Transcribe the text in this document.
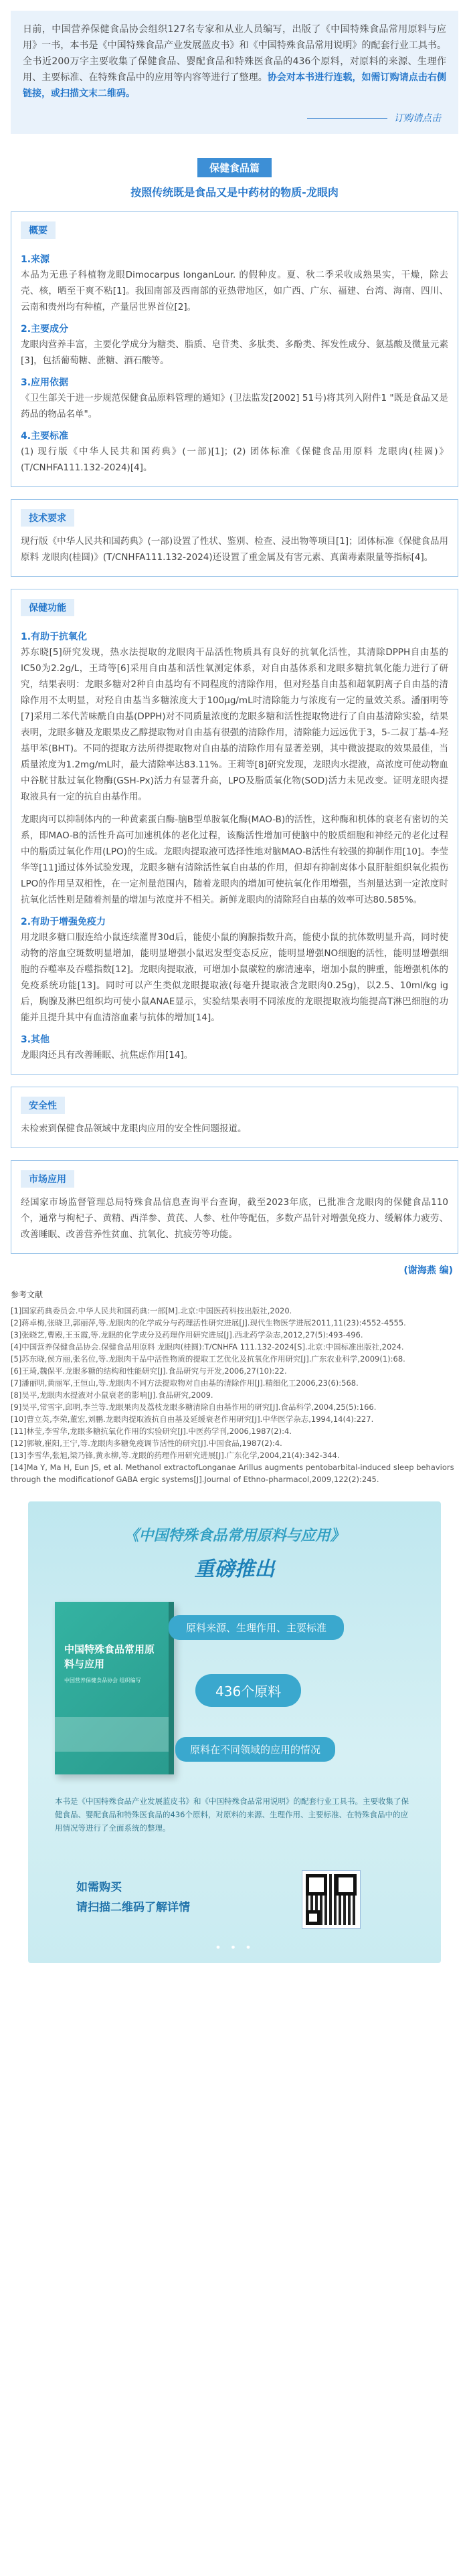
日前，中国营养保健食品协会组织127名专家和从业人员编写，出版了《中国特殊食品常用原料与应用》一书，本书是《中国特殊食品产业发展蓝皮书》和《中国特殊食品常用说明》的配套行业工具书。全书近200万字主要收集了保健食品、婴配食品和特殊医食品的436个原料，对原料的来源、生理作用、主要标准、在特殊食品中的应用等内容等进行了整理。协会对本书进行连载，如需订购请点击右侧链接，或扫描文末二维码。
订购请点击
保健食品篇
按照传统既是食品又是中药材的物质-龙眼肉
概要
1.来源

本品为无患子科植物龙眼Dimocarpus longanLour. 的假种皮。夏、秋二季采收成熟果实，干燥，除去壳、核，晒至干爽不粘[1]。我国南部及西南部的亚热带地区，如广西、广东、福建、台湾、海南、四川、云南和贵州均有种植，产量居世界首位[2]。

2.主要成分

龙眼肉营养丰富，主要化学成分为糖类、脂质、皂苷类、多肽类、多酚类、挥发性成分、氨基酸及微量元素[3]，包括葡萄糖、蔗糖、酒石酸等。

3.应用依据

《卫生部关于进一步规范保健食品原料管理的通知》(卫法监发[2002] 51号)将其列入附件1 "既是食品又是药品的物品名单"。

4.主要标准

(1) 现行版《中华人民共和国药典》(一部)[1]；(2) 团体标准《保健食品用原料 龙眼肉(桂圆)》(T/CNHFA111.132-2024)[4]。

技术要求

现行版《中华人民共和国药典》(一部)设置了性状、鉴别、检查、浸出物等项目[1]；团体标准《保健食品用原料 龙眼肉(桂圆)》(T/CNHFA111.132-2024)还设置了重金属及有害元素、真菌毒素限量等指标[4]。

保健功能
1.有助于抗氧化

苏东晓[5]研究发现，热水法提取的龙眼肉干品活性物质具有良好的抗氧化活性，其清除DPPH自由基的IC50为2.2g/L，王琦等[6]采用自由基和活性氧测定体系，对自由基体系和龙眼多糖抗氧化能力进行了研究，结果表明：龙眼多糖对2种自由基均有不同程度的清除作用，但对羟基自由基和超氧阴离子自由基的清除作用不太明显，对羟自由基当多糖浓度大于100μg/mL时清除能力与浓度有一定的量效关系。潘丽明等[7]采用二苯代苦味酰自由基(DPPH)对不同质量浓度的龙眼多糖和活性提取物进行了自由基清除实验，结果表明，龙眼多糖及龙眼果皮乙醇提取物对自由基有很强的清除作用，清除能力远远优于3，5-二叔丁基-4-羟基甲苯(BHT)。不同的提取方法所得提取物对自由基的清除作用有显著差别，其中微波提取的效果最佳，当质量浓度为1.2mg/mL时，最大清除率达83.11%。王莉等[8]研究发现，龙眼肉水提液，高浓度可使动物血中谷胱甘肽过氧化物酶(GSH-Px)活力有显著升高，LPO及脂质氧化物(SOD)活力未见改变。证明龙眼肉提取液具有一定的抗自由基作用。

龙眼肉可以抑制体内的一种黄素蛋白酶-脑B型单胺氧化酶(MAO-B)的活性，这种酶和机体的衰老有密切的关系，即MAO-B的活性升高可加速机体的老化过程，该酶活性增加可使脑中的胶质细胞和神经元的老化过程中的脂质过氧化作用(LPO)的生成。龙眼肉提取液可选择性地对脑MAO-B活性有较强的抑制作用[10]。李莹华等[11]通过体外试验发现，龙眼多糖有清除活性氧自由基的作用，但却有抑制离体小鼠肝脏组织氧化损伤LPO的作用呈双相性，在一定剂量范围内，随着龙眼肉的增加可使抗氧化作用增强，当剂量达到一定浓度时抗氧化活性则是随着剂量的增加与浓度并不相关。新鲜龙眼肉的清除羟自由基的效率可达80.585%。

2.有助于增强免疫力

用龙眼多糖口服连给小鼠连续灌胃30d后，能使小鼠的胸腺指数升高，能使小鼠的抗体数明显升高，同时使动物的溶血空斑数明显增加，能明显增强小鼠迟发型变态反应，能明显增强NO细胞的活性，能明显增强细胞的吞噬率及吞噬指数[12]。龙眼肉提取液，可增加小鼠碳粒的廓清速率，增加小鼠的脾重，能增强机体的免疫系统功能[13]。同时可以产生类似龙眼提取液(每毫升提取液含龙眼肉0.25g)，以2.5、10ml/kg ig后，胸腺及淋巴组织均可使小鼠ANAE显示，实验结果表明不同浓度的龙眼提取液均能提高T淋巴细胞的功能并且提升其中有血清溶血素与抗体的增加[14]。

3.其他

龙眼肉还具有改善睡眠、抗焦虑作用[14]。

安全性

未检索到保健食品领域中龙眼肉应用的安全性问题报道。

市场应用

经国家市场监督管理总局特殊食品信息查询平台查询，截至2023年底，已批准含龙眼肉的保健食品110个，通常与枸杞子、黄精、西洋参、黄芪、人参、杜仲等配伍，多数产品针对增强免疫力、缓解体力疲劳、改善睡眠、改善营养性贫血、抗氧化、抗疲劳等功能。

(谢海燕 编)
参考文献
[1]国家药典委员会.中华人民共和国药典:一部[M].北京:中国医药科技出版社,2020.
[2]蒋卓梅,张晓卫,郭丽萍,等.龙眼肉的化学成分与药理活性研究进展[J].现代生物医学进展2011,11(23):4552-4555.
[3]张晓艺,曹殿,王玉霞,等.龙眼的化学成分及药理作用研究进展[J].西北药学杂志,2012,27(5):493-496.
[4]中国营养保健食品协会.保健食品用原料 龙眼肉(桂圆):T/CNHFA 111.132-2024[S].北京:中国标准出版社,2024.
[5]苏东晓,侯方丽,张名位,等.龙眼肉干品中活性物质的提取工艺优化及抗氧化作用研究[J].广东农业科学,2009(1):68.
[6]王琦,魏保平.龙眼多糖的结构和性能研究[J].食品研究与开发,2006,27(10):22.
[7]潘丽明,黄丽军,王恒山,等.龙眼肉不同方法提取物对自由基的清除作用[J].精细化工2006,23(6):568.
[8]吴平,龙眼肉水提液对小鼠衰老的影响[J].食品研究,2009.
[9]吴平,常雪宇,邱明,李兰等.龙眼果肉及荔枝龙眼多糖清除自由基作用的研究[J].食品科学,2004,25(5):166.
[10]曹立英,李荣,董宏,刘鹏.龙眼肉提取液抗自由基及延缓衰老作用研究[J].中华医学杂志,1994,14(4):227.
[11]林莹,李雪华,龙眼多糖抗氧化作用的实验研究[J].中医药学刊,2006,1987(2):4.
[12]郭敏,崔阳,王宁,等.龙眼肉多糖免疫调节活性的研究[J].中国食品,1987(2):4.
[13]李雪华,张旭,梁乃锋,黄永柳,等.龙眼的药理作用研究进展[J].广东化学,2004,21(4):342-344.
[14]Ma Y, Ma H, Eun JS, et al. Methanol extractofLonganae Arillus augments pentobarbital-induced sleep behaviors through the modificationof GABA ergic systems[J].Journal of Ethno-pharmacol,2009,122(2):245.
《中国特殊食品常用原料与应用》
重磅推出
中国特殊食品常用原料与应用
中国营养保健食品协会 组织编写
原料来源、生理作用、主要标准
436个原料
原料在不同领域的应用的情况
本书是《中国特殊食品产业发展蓝皮书》和《中国特殊食品常用说明》的配套行业工具书。主要收集了保健食品、婴配食品和特殊医食品的436个原料，对原料的来源、生理作用、主要标准、在特殊食品中的应用情况等进行了全面系统的整理。
如需购买
请扫描二维码了解详情
• • •
